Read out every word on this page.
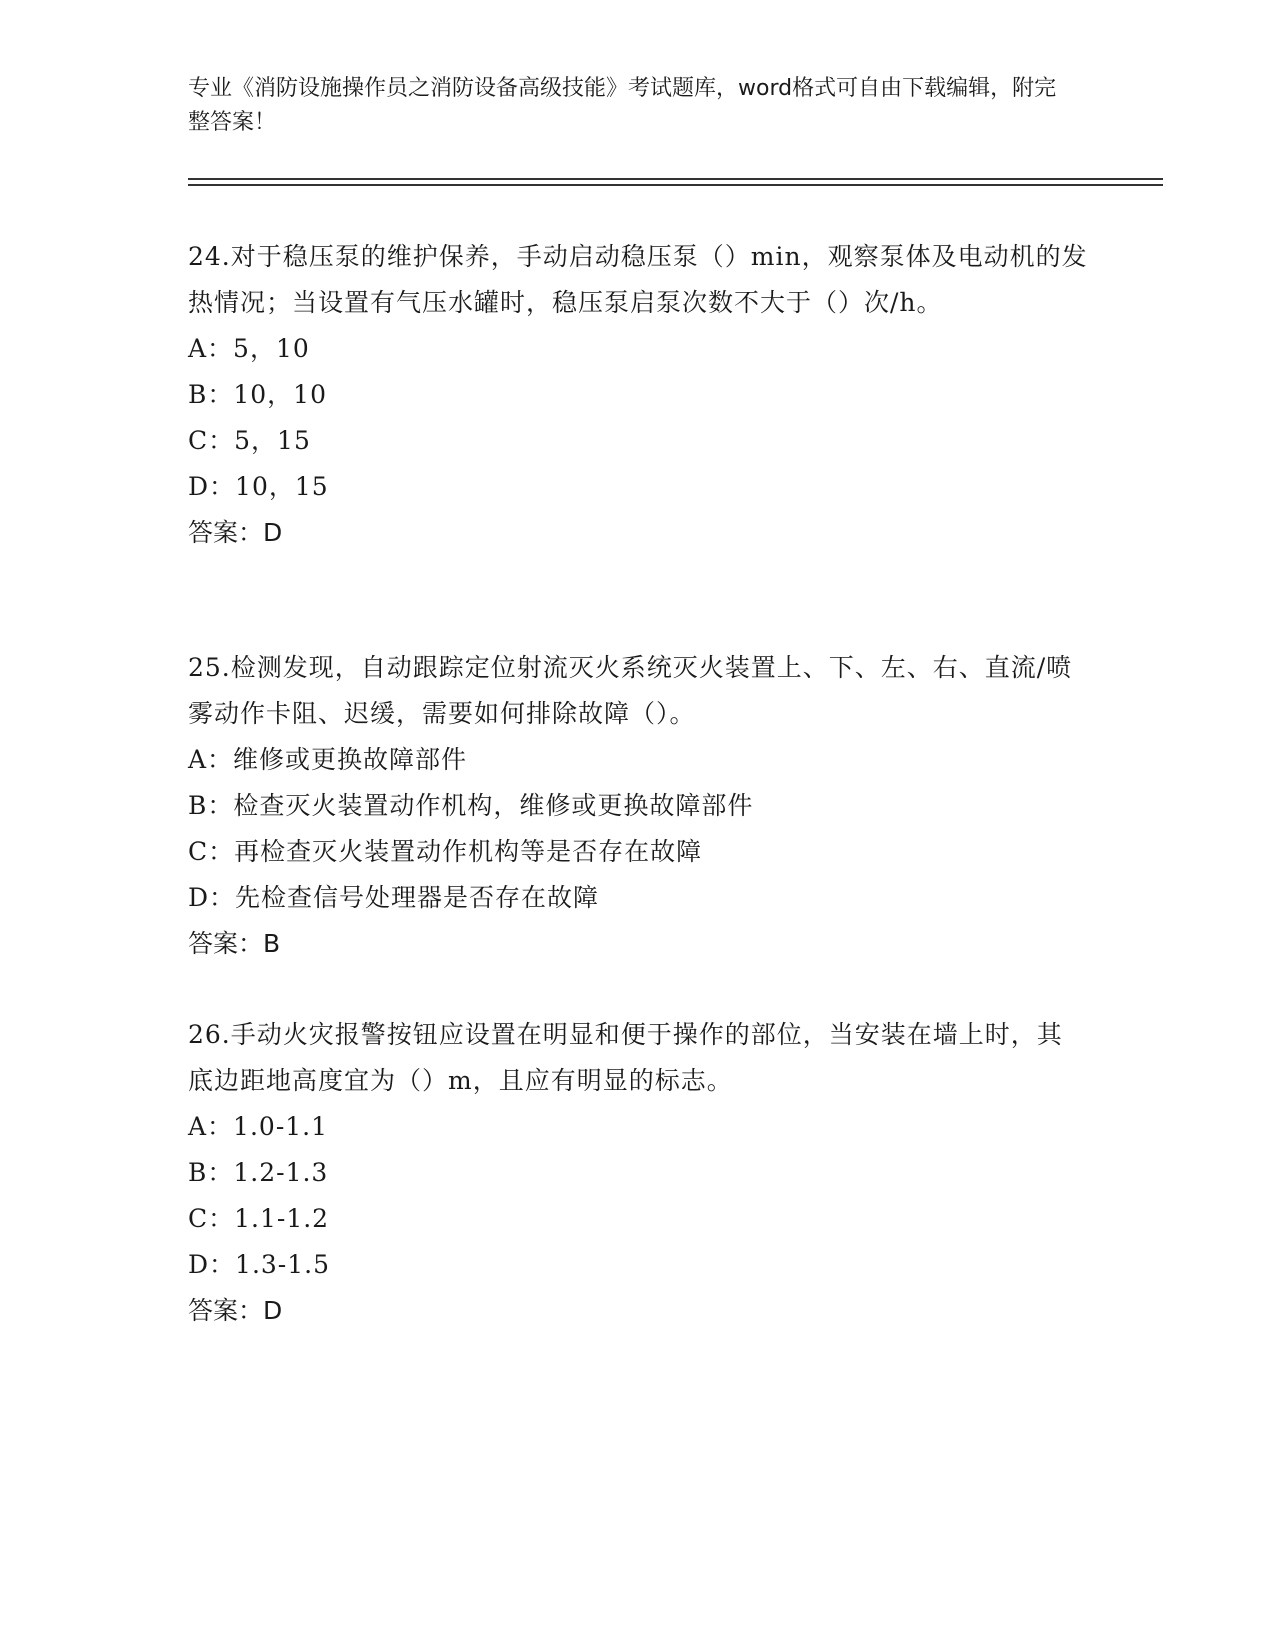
专业《消防设施操作员之消防设备高级技能》考试题库，word格式可自由下载编辑，附完整答案！
24.对于稳压泵的维护保养，手动启动稳压泵（）min，观察泵体及电动机的发热情况；当设置有气压水罐时，稳压泵启泵次数不大于（）次/h。
A：5，10
B：10，10
C：5，15
D：10，15
答案：D
25.检测发现，自动跟踪定位射流灭火系统灭火装置上、下、左、右、直流/喷雾动作卡阻、迟缓，需要如何排除故障（）。
A：维修或更换故障部件
B：检查灭火装置动作机构，维修或更换故障部件
C：再检查灭火装置动作机构等是否存在故障
D：先检查信号处理器是否存在故障
答案：B
26.手动火灾报警按钮应设置在明显和便于操作的部位，当安装在墙上时，其底边距地高度宜为（）m，且应有明显的标志。
A：1.0-1.1
B：1.2-1.3
C：1.1-1.2
D：1.3-1.5
答案：D
